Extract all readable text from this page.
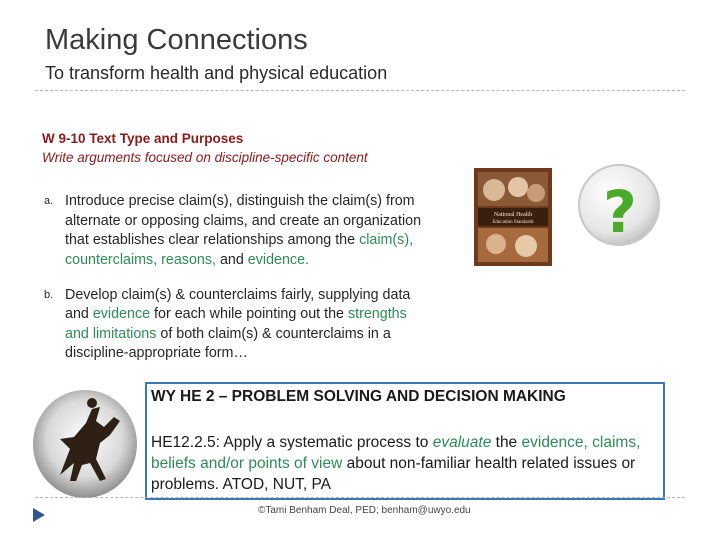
Making Connections
To transform health and physical education
W 9-10 Text Type and Purposes
Write arguments focused on discipline-specific content
a. Introduce precise claim(s), distinguish the claim(s) from alternate or opposing claims, and create an organization that establishes clear relationships among the claim(s), counterclaims, reasons, and evidence.
b. Develop claim(s) & counterclaims fairly, supplying data and evidence for each while pointing out the strengths and limitations of both claim(s) & counterclaims in a discipline-appropriate form…
National Health
Education Standards ?
WY HE 2 – PROBLEM SOLVING AND DECISION MAKING
HE12.2.5: Apply a systematic process to evaluate the evidence, claims, beliefs and/or points of view about non-familiar health related issues or problems. ATOD, NUT, PA
©Tami Benham Deal, PED; benham@uwyo.edu
